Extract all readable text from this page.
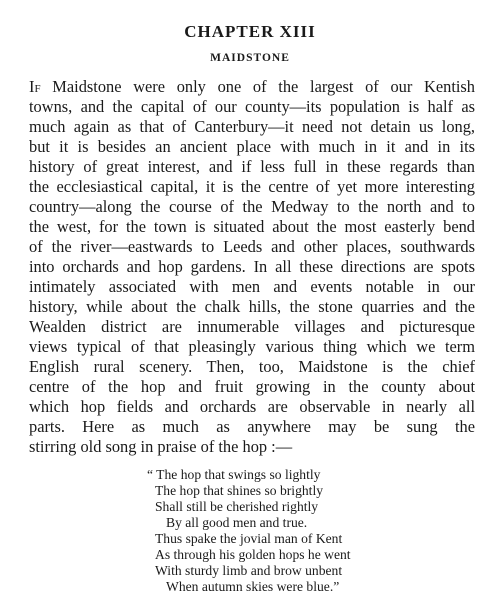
CHAPTER XIII
MAIDSTONE

If Maidstone were only one of the largest of our Kentish

towns, and the capital of our county—its population is half as

much again as that of Canterbury—it need not detain us long,

but it is besides an ancient place with much in it and in its

history of great interest, and if less full in these regards than

the ecclesiastical capital, it is the centre of yet more interesting

country—along the course of the Medway to the north and to

the west, for the town is situated about the most easterly bend

of the river—eastwards to Leeds and other places, southwards

into orchards and hop gardens. In all these directions are spots

intimately associated with men and events notable in our

history, while about the chalk hills, the stone quarries and the

Wealden district are innumerable villages and picturesque

views typical of that pleasingly various thing which we term

English rural scenery. Then, too, Maidstone is the chief

centre of the hop and fruit growing in the county about

which hop fields and orchards are observable in nearly all

parts. Here as much as anywhere may be sung the

stirring old song in praise of the hop :—

“ The hop that swings so lightly

The hop that shines so brightly

Shall still be cherished rightly

By all good men and true.

Thus spake the jovial man of Kent

As through his golden hops he went

With sturdy limb and brow unbent

When autumn skies were blue.”
